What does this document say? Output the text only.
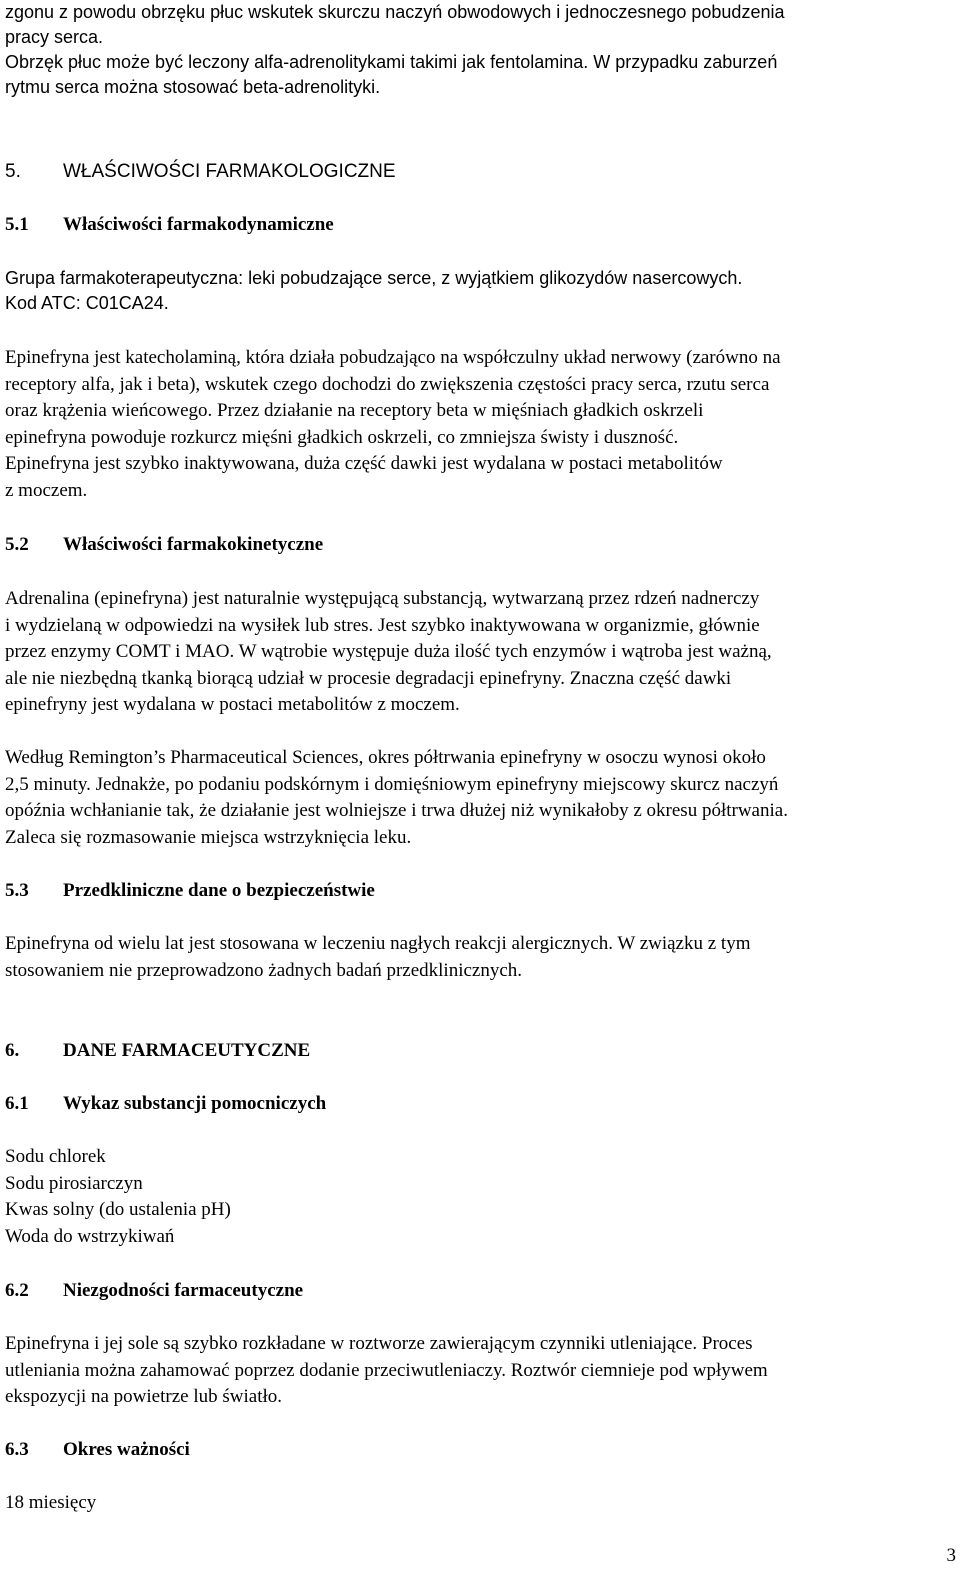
zgonu z powodu obrzęku płuc wskutek skurczu naczyń obwodowych i jednoczesnego pobudzenia

pracy serca.

Obrzęk płuc może być leczony alfa-adrenolitykami takimi jak fentolamina. W przypadku zaburzeń

rytmu serca można stosować beta-adrenolityki.

5.	WŁAŚCIWOŚCI FARMAKOLOGICZNE
5.1	Właściwości farmakodynamiczne

Grupa farmakoterapeutyczna: leki pobudzające serce, z wyjątkiem glikozydów nasercowych.

Kod ATC: C01CA24.

Epinefryna jest katecholaminą, która działa pobudzająco na współczulny układ nerwowy (zarówno na

receptory alfa, jak i beta), wskutek czego dochodzi do zwiększenia częstości pracy serca, rzutu serca

oraz krążenia wieńcowego. Przez działanie na receptory beta w mięśniach gładkich oskrzeli

epinefryna powoduje rozkurcz mięśni gładkich oskrzeli, co zmniejsza świsty i duszność.

Epinefryna jest szybko inaktywowana, duża część dawki jest wydalana w postaci metabolitów

z moczem.

5.2	Właściwości farmakokinetyczne

Adrenalina (epinefryna) jest naturalnie występującą substancją, wytwarzaną przez rdzeń nadnerczy

i wydzielaną w odpowiedzi na wysiłek lub stres. Jest szybko inaktywowana w organizmie, głównie

przez enzymy COMT i MAO. W wątrobie występuje duża ilość tych enzymów i wątroba jest ważną,

ale nie niezbędną tkanką biorącą udział w procesie degradacji epinefryny. Znaczna część dawki

epinefryny jest wydalana w postaci metabolitów z moczem.

Według Remington’s Pharmaceutical Sciences, okres półtrwania epinefryny w osoczu wynosi około

2,5 minuty. Jednakże, po podaniu podskórnym i domięśniowym epinefryny miejscowy skurcz naczyń

opóźnia wchłanianie tak, że działanie jest wolniejsze i trwa dłużej niż wynikałoby z okresu półtrwania.

Zaleca się rozmasowanie miejsca wstrzyknięcia leku.

5.3	Przedkliniczne dane o bezpieczeństwie

Epinefryna od wielu lat jest stosowana w leczeniu nagłych reakcji alergicznych. W związku z tym

stosowaniem nie przeprowadzono żadnych badań przedklinicznych.

6.	DANE FARMACEUTYCZNE
6.1	Wykaz substancji pomocniczych

Sodu chlorek

Sodu pirosiarczyn

Kwas solny (do ustalenia pH)

Woda do wstrzykiwań

6.2	Niezgodności farmaceutyczne

Epinefryna i jej sole są szybko rozkładane w roztworze zawierającym czynniki utleniające. Proces

utleniania można zahamować poprzez dodanie przeciwutleniaczy. Roztwór ciemnieje pod wpływem

ekspozycji na powietrze lub światło.

6.3	Okres ważności

18 miesięcy

3
